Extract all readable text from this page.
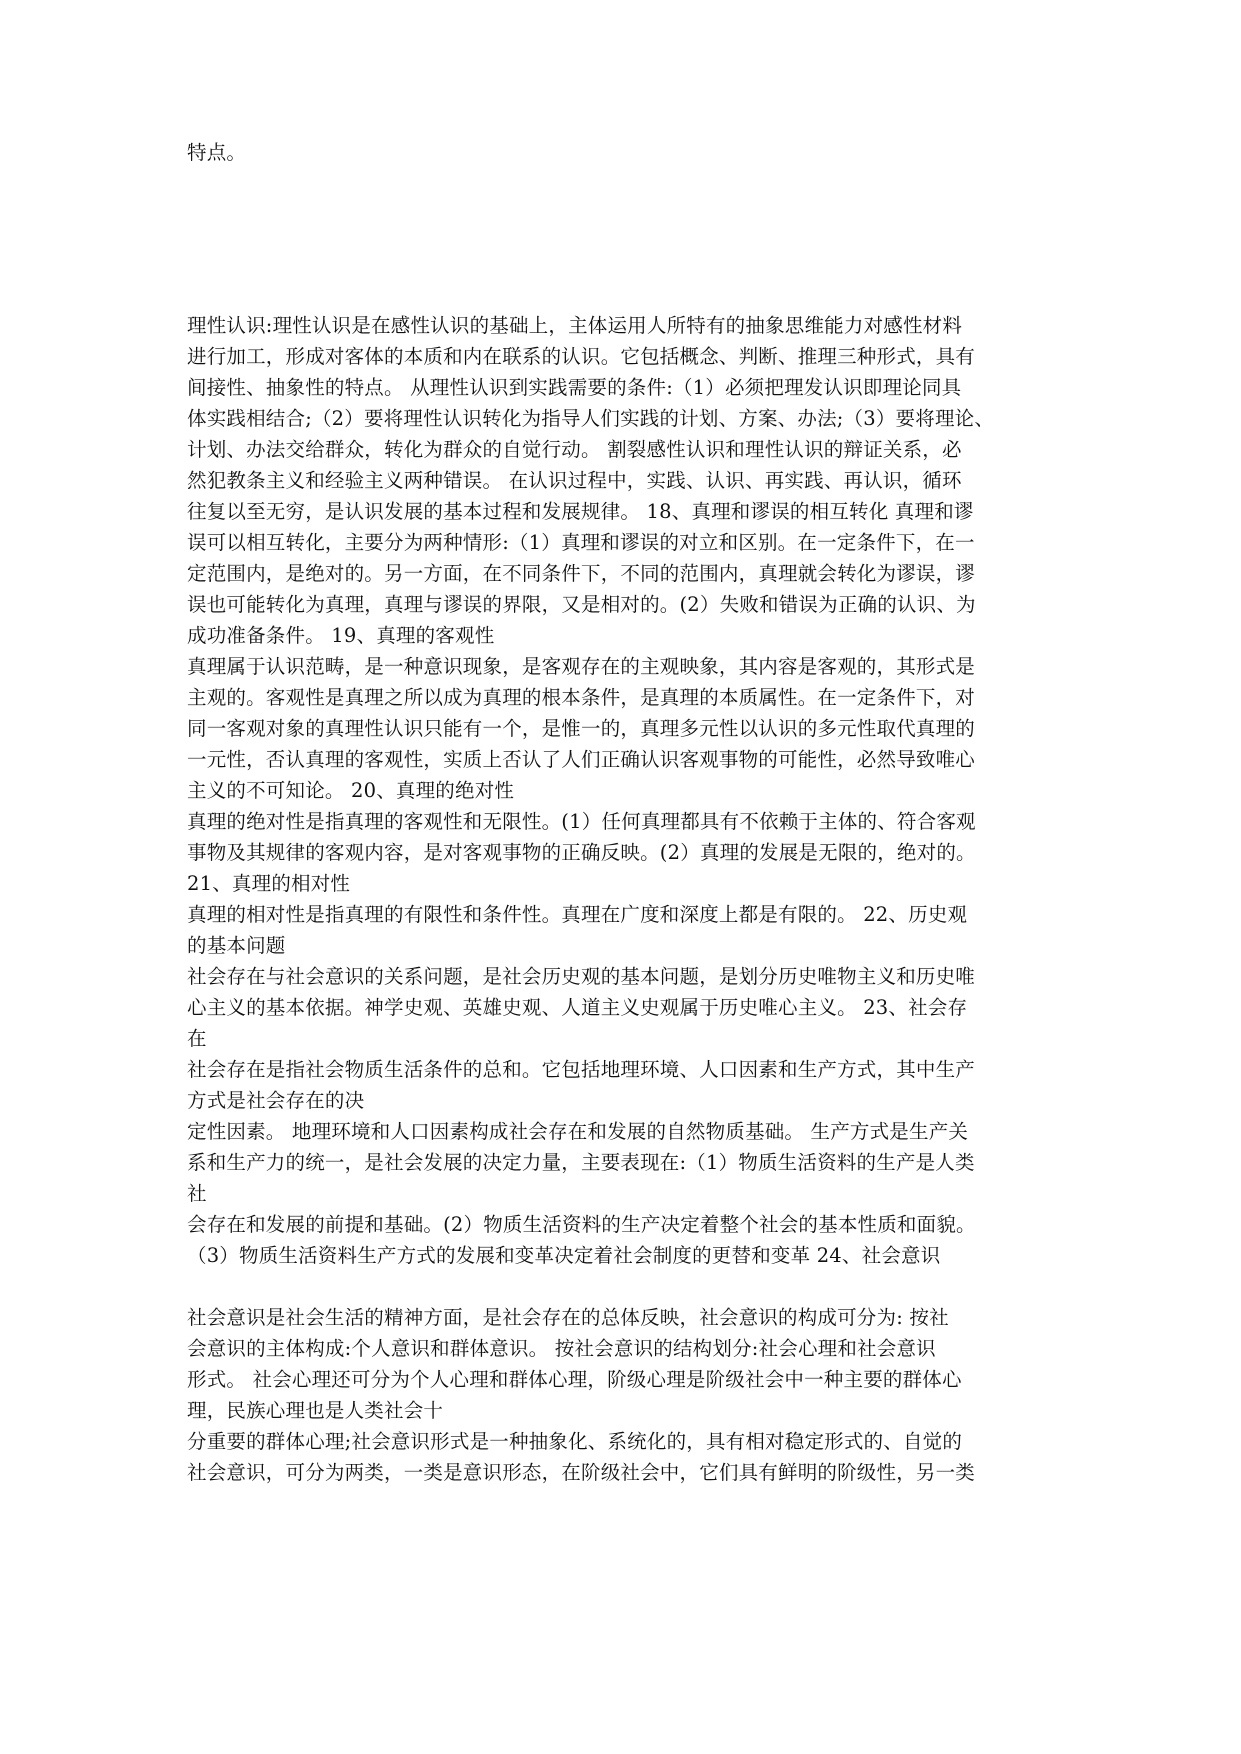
特点。
理性认识:理性认识是在感性认识的基础上，主体运用人所特有的抽象思维能力对感性材料
进行加工，形成对客体的本质和内在联系的认识。它包括概念、判断、推理三种形式，具有
间接性、抽象性的特点。 从理性认识到实践需要的条件:（1）必须把理发认识即理论同具
体实践相结合;（2）要将理性认识转化为指导人们实践的计划、方案、办法;（3）要将理论、
计划、办法交给群众，转化为群众的自觉行动。 割裂感性认识和理性认识的辩证关系，必
然犯教条主义和经验主义两种错误。 在认识过程中，实践、认识、再实践、再认识，循环
往复以至无穷，是认识发展的基本过程和发展规律。 18、真理和谬误的相互转化 真理和谬
误可以相互转化，主要分为两种情形:（1）真理和谬误的对立和区别。在一定条件下，在一
定范围内，是绝对的。另一方面，在不同条件下，不同的范围内，真理就会转化为谬误，谬
误也可能转化为真理，真理与谬误的界限，又是相对的。(2）失败和错误为正确的认识、为
成功准备条件。 19、真理的客观性
真理属于认识范畴，是一种意识现象，是客观存在的主观映象，其内容是客观的，其形式是
主观的。客观性是真理之所以成为真理的根本条件，是真理的本质属性。在一定条件下，对
同一客观对象的真理性认识只能有一个，是惟一的，真理多元性以认识的多元性取代真理的
一元性，否认真理的客观性，实质上否认了人们正确认识客观事物的可能性，必然导致唯心
主义的不可知论。 20、真理的绝对性
真理的绝对性是指真理的客观性和无限性。(1）任何真理都具有不依赖于主体的、符合客观
事物及其规律的客观内容，是对客观事物的正确反映。(2）真理的发展是无限的，绝对的。
21、真理的相对性
真理的相对性是指真理的有限性和条件性。真理在广度和深度上都是有限的。 22、历史观
的基本问题
社会存在与社会意识的关系问题，是社会历史观的基本问题，是划分历史唯物主义和历史唯
心主义的基本依据。神学史观、英雄史观、人道主义史观属于历史唯心主义。 23、社会存
在
社会存在是指社会物质生活条件的总和。它包括地理环境、人口因素和生产方式，其中生产
方式是社会存在的决
定性因素。 地理环境和人口因素构成社会存在和发展的自然物质基础。 生产方式是生产关
系和生产力的统一，是社会发展的决定力量，主要表现在:（1）物质生活资料的生产是人类
社
会存在和发展的前提和基础。(2）物质生活资料的生产决定着整个社会的基本性质和面貌。
（3）物质生活资料生产方式的发展和变革决定着社会制度的更替和变革 24、社会意识
社会意识是社会生活的精神方面，是社会存在的总体反映，社会意识的构成可分为: 按社
会意识的主体构成:个人意识和群体意识。 按社会意识的结构划分:社会心理和社会意识
形式。 社会心理还可分为个人心理和群体心理，阶级心理是阶级社会中一种主要的群体心
理，民族心理也是人类社会十
分重要的群体心理;社会意识形式是一种抽象化、系统化的，具有相对稳定形式的、自觉的
社会意识，可分为两类，一类是意识形态，在阶级社会中，它们具有鲜明的阶级性，另一类
